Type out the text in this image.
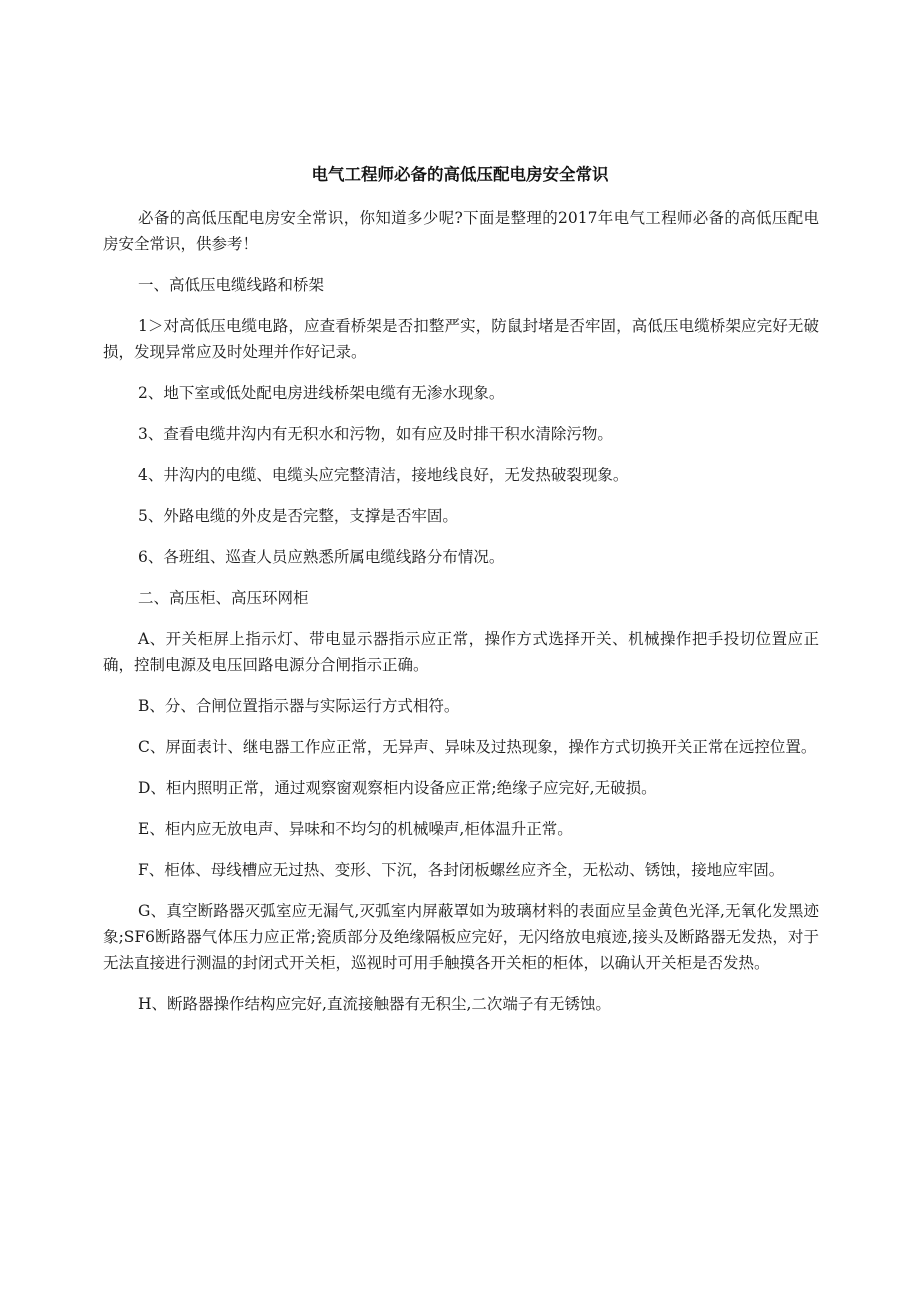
电气工程师必备的高低压配电房安全常识

必备的高低压配电房安全常识，你知道多少呢?下面是整理的2017年电气工程师必备的高低压配电房安全常识，供参考！

一、高低压电缆线路和桥架

1＞对高低压电缆电路，应查看桥架是否扣整严实，防鼠封堵是否牢固，高低压电缆桥架应完好无破损，发现异常应及时处理并作好记录。

2、地下室或低处配电房进线桥架电缆有无渗水现象。

3、查看电缆井沟内有无积水和污物，如有应及时排干积水清除污物。

4、井沟内的电缆、电缆头应完整清洁，接地线良好，无发热破裂现象。

5、外路电缆的外皮是否完整，支撑是否牢固。

6、各班组、巡查人员应熟悉所属电缆线路分布情况。

二、高压柜、高压环网柜

A、开关柜屏上指示灯、带电显示器指示应正常，操作方式选择开关、机械操作把手投切位置应正确，控制电源及电压回路电源分合闸指示正确。

B、分、合闸位置指示器与实际运行方式相符。

C、屏面表计、继电器工作应正常，无异声、异味及过热现象，操作方式切换开关正常在远控位置。

D、柜内照明正常，通过观察窗观察柜内设备应正常;绝缘子应完好,无破损。

E、柜内应无放电声、异味和不均匀的机械噪声,柜体温升正常。

F、柜体、母线槽应无过热、变形、下沉，各封闭板螺丝应齐全，无松动、锈蚀，接地应牢固。

G、真空断路器灭弧室应无漏气,灭弧室内屏蔽罩如为玻璃材料的表面应呈金黄色光泽,无氧化发黑迹象;SF6断路器气体压力应正常;瓷质部分及绝缘隔板应完好，无闪络放电痕迹,接头及断路器无发热，对于无法直接进行测温的封闭式开关柜，巡视时可用手触摸各开关柜的柜体，以确认开关柜是否发热。

H、断路器操作结构应完好,直流接触器有无积尘,二次端子有无锈蚀。
